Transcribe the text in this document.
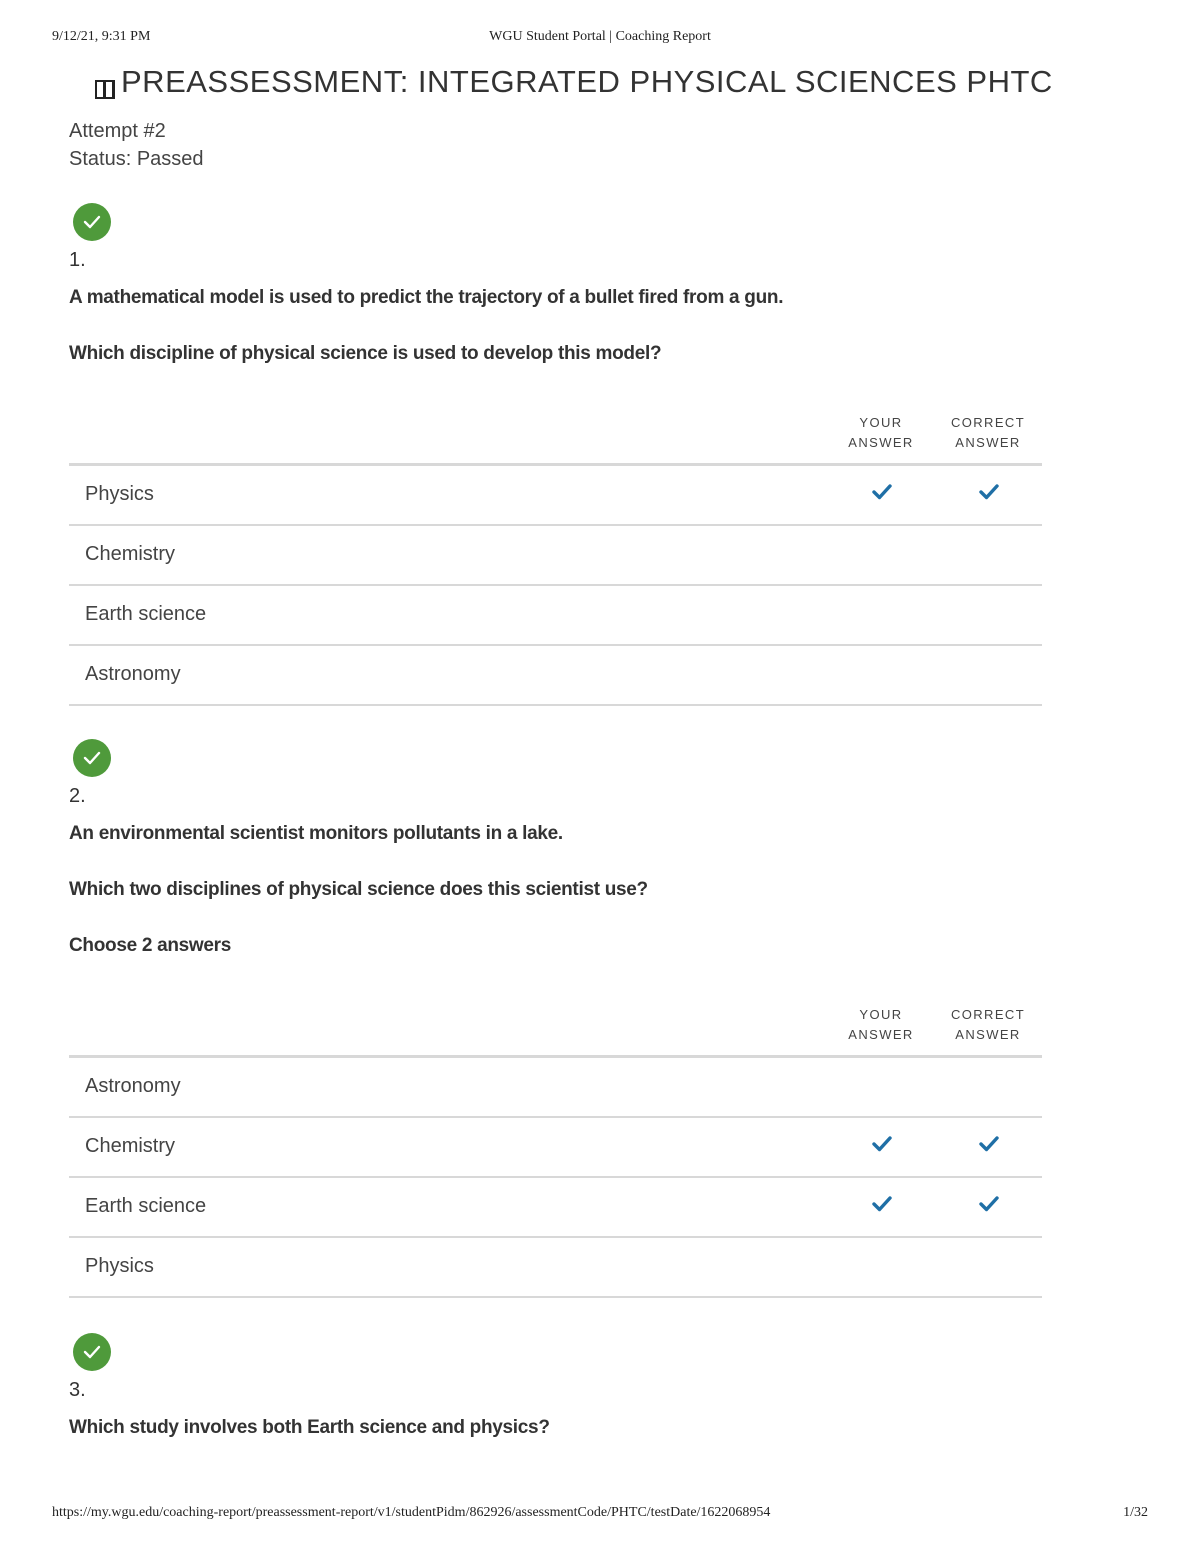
9/12/21, 9:31 PM	WGU Student Portal | Coaching Report
PREASSESSMENT: INTEGRATED PHYSICAL SCIENCES PHTC
Attempt #2
Status: Passed
1.
A mathematical model is used to predict the trajectory of a bullet fired from a gun.
Which discipline of physical science is used to develop this model?
YOUR
ANSWER
CORRECT
ANSWER
Physics
Chemistry
Earth science
Astronomy
2.
An environmental scientist monitors pollutants in a lake.
Which two disciplines of physical science does this scientist use?
Choose 2 answers
YOUR
ANSWER
CORRECT
ANSWER
Astronomy
Chemistry
Earth science
Physics
3.
Which study involves both Earth science and physics?
https://my.wgu.edu/coaching-report/preassessment-report/v1/studentPidm/862926/assessmentCode/PHTC/testDate/1622068954	1/32
